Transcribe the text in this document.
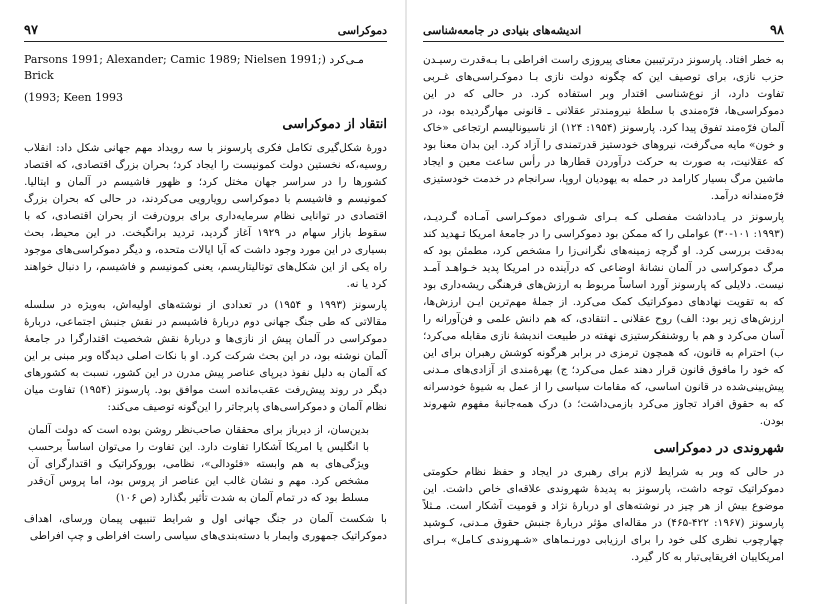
دموکراسی
۹۷

مـی‌کرد (Parsons 1991; Alexander; Camic 1989; Nielsen 1991; Brick

(1993; Keen 1993

انتقاد از دموکراسی

دورهٔ شکل‌گیری تکامل فکری پارسونز با سه رویداد مهم جهانی شکل داد: انقلاب روسیه،که نخستین دولت کمونیست را ایجاد کرد؛ بحران بزرگ اقتصادی، که اقتصاد کشورها را در سراسر جهان مختل کرد؛ و ظهور فاشیسم در آلمان و ایتالیا. کمونیسم و فاشیسم با دموکراسی رویارویی می‌کردند، در حالی که بحران بزرگ اقتصادی در توانایی نظام سرمایه‌داری برای برون‌رفت از بحران اقتصادی، که با سقوط بازار سهام در ۱۹۲۹ آغاز گردید، تردید برانگیخت. در این محیط، بحث بسیاری در این مورد وجود داشت که آیا ایالات متحده، و دیگر دموکراسی‌های موجود راه یکی از این شکل‌های توتالیتاریسم، یعنی کمونیسم و فاشیسم، را دنبال خواهند کرد یا نه.

پارسونز (۱۹۹۳ و ۱۹۵۴) در تعدادی از نوشته‌های اولیه‌اش، به‌ویژه در سلسله مقالاتی که طی جنگ جهانی دوم دربارهٔ فاشیسم در نقش جنبش اجتماعی، دربارهٔ دموکراسی در آلمان پیش از نازی‌ها و دربارهٔ نقش شخصیت اقتدارگرا در جامعهٔ آلمان نوشته بود، در این بحث شرکت کرد. او با نکات اصلی دیدگاه وبر مبنی بر این که آلمان به دلیل نفوذ دیرپای عناصر پیش مدرن در این کشور، نسبت به کشورهای دیگر در روند پیش‌رفت عقب‌مانده است موافق بود. پارسونز (۱۹۵۴) تفاوت میان نظام آلمان و دموکراسی‌های پابرجاتر را این‌گونه توصیف می‌کند:

بدین‌سان، از دیرباز برای محققان صاحب‌نظر روشن بوده است که دولت آلمان با انگلیس یا امریکا آشکارا تفاوت دارد. این تفاوت را می‌توان اساساً برحسب ویژگی‌های به هم وابسته «فئودالی»، نظامی، بوروکراتیک و اقتدارگرای آن مشخص کرد. مهم و نشان غالب این عناصر از پروس بود، اما پروس آن‌قدر مسلط بود که در تمام آلمان به شدت تأثیر بگذارد (ص ۱۰۶)

با شکست آلمان در جنگ جهانی اول و شرایط تنبیهی پیمان ورسای، اهداف دموکراتیک جمهوری وایمار با دسته‌بندی‌های سیاسی راست افراطی و چپ افراطی

۹۸
اندیشه‌های بنیادی در جامعه‌شناسی

به خطر افتاد. پارسونز درترتیبین معنای پیروزی راست افراطی بـا بـه‌قدرت رسیـدن حزب نازی، برای توصیف این که چگونه دولت نازی بـا دموکـراسی‌های غـربی تفاوت دارد، از نوع‌شناسی اقتدار وبر استفاده کرد. در حالی که در این دموکراسی‌ها، فرّه‌مندی با سلطهٔ نیرومندتر عقلانی ـ قانونی مهارگردیده بود، در آلمان فرّه‌مند تفوق پیدا کرد. پارسونز (۱۹۵۴: ۱۲۴) از ناسیونالیسم ارتجاعی «خاک و خون» مایه می‌گرفت، نیروهای خودستیز قدرتمندی را آزاد کرد. این بدان معنا بود که عقلانیت، به صورت به حرکت درآوردن قطارها در رأس ساعت معین و ایجاد ماشین مرگ بسیار کارامد در حمله به یهودیان اروپا، سرانجام در خدمت خودستیزی فرّه‌مندانه درآمد.

پارسونز در یـادداشت مفصلی کـه بـرای شـورای دموکـراسی آمـاده گـردیـد، (۱۹۹۳: ۱۰۱-۳۰) عواملی را که ممکن بود دموکراسی را در جامعهٔ امریکا تـهدید کند به‌دقت بررسی کرد. او گرچه زمینه‌های نگرانی‌زا را مشخص کرد، مطمئن بود که مرگ دموکراسی در آلمان نشانهٔ اوضاعی که درآینده در امریکا پدید خـواهـد آمـد نیست. دلایلی که پارسونز آورد اساساً مربوط به ارزش‌های فرهنگی ریشه‌داری بود که به تقویت نهادهای دموکراتیک کمک می‌کرد. از جملهٔ مهم‌ترین ایـن ارزش‌ها، ارزش‌های زیر بود: الف) روح عقلانی ـ انتقادی، که هم دانش علمی و فن‌آورانه را آسان می‌کرد و هم با روشنفکرستیزی نهفته در طبیعت اندیشهٔ نازی مقابله می‌کرد؛ ب) احترام به قانون، که همچون ترمزی در برابر هرگونه کوشش رهبران برای این که خود را مافوق قانون قرار دهند عمل می‌کرد؛ ج) بهرهٔ‌مندی از آزادی‌های مـدنی پیش‌بینی‌شده در قانون اساسی، که مقامات سیاسی را از عمل به شیوهٔ خودسرانه که به حقوق افراد تجاوز می‌کرد بازمی‌داشت؛ د) درک همه‌جانبهٔ مفهوم شهروند بودن.

شهروندی در دموکراسی

در حالی که وبر به شرایط لازم برای رهبری در ایجاد و حفظ نظام حکومتی دموکراتیک توجه داشت، پارسونز به پدیدهٔ شهروندی علاقه‌ای خاص داشت. این موضوع بیش از هر چیز در نوشته‌های او دربارهٔ نژاد و قومیت آشکار است. مـثلاً پارسونز (۱۹۶۷: ۴۲۲-۴۶۵) در مقاله‌ای مؤثر دربارهٔ جنبش حقوق مـدنی، کـوشید چهارچوب نظری کلی خود را برای ارزیابی دورنـماهای «شـهروندی کـامل» بـرای امریکاییان افریقایی‌تبار به کار گیرد.
